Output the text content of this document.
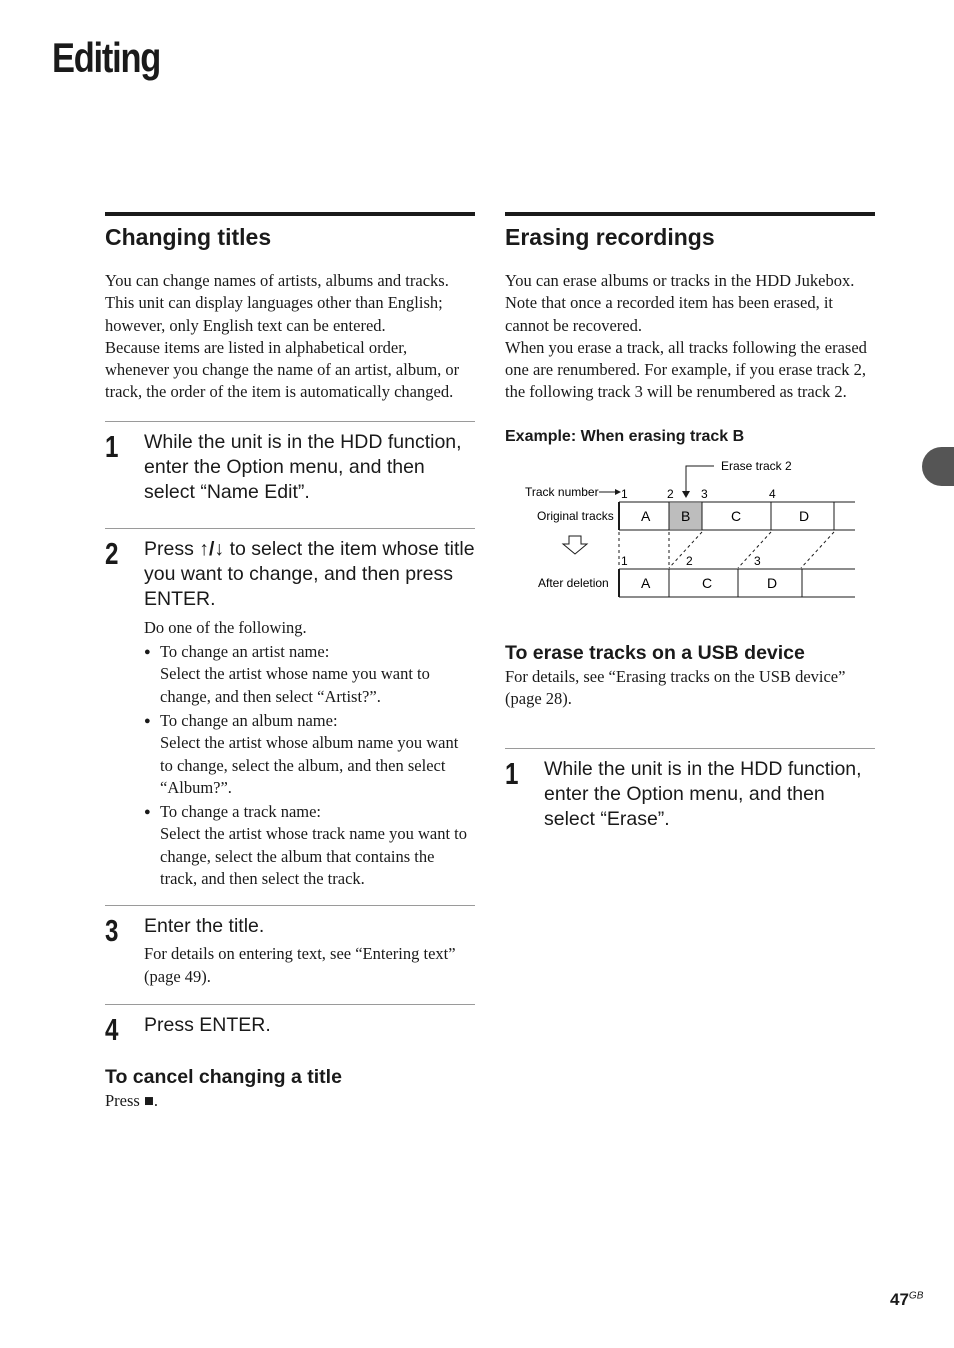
Editing
Changing titles

You can change names of artists, albums and tracks.

This unit can display languages other than English; however, only English text can be entered.

Because items are listed in alphabetical order, whenever you change the name of an artist, album, or track, the order of the item is automatically changed.

1 While the unit is in the HDD function, enter the Option menu, and then select “Name Edit”.
2 Press ↑/↓ to select the item whose title you want to change, and then press ENTER.
Do one of the following.
● To change an artist name:
Select the artist whose name you want to change, and then select “Artist?”.
● To change an album name:
Select the artist whose album name you want to change, select the album, and then select “Album?”.
● To change a track name:
Select the artist whose track name you want to change, select the album that contains the track, and then select the track.
3 Enter the title.
For details on entering text, see “Entering text” (page 49).
4 Press ENTER.
To cancel changing a title
Press ■.
Erasing recordings

You can erase albums or tracks in the HDD Jukebox.

Note that once a recorded item has been erased, it cannot be recovered.

When you erase a track, all tracks following the erased one are renumbered. For example, if you erase track 2, the following track 3 will be renumbered as track 2.

Example: When erasing track B
Erase track 2
Track number 1	2 3	4
Original tracks A B	C	D
1	2	3
After deletion A	C	D
To erase tracks on a USB device
For details, see “Erasing tracks on the USB device” (page 28).
1 While the unit is in the HDD function, enter the Option menu, and then select “Erase”.
$47^{GB}$
